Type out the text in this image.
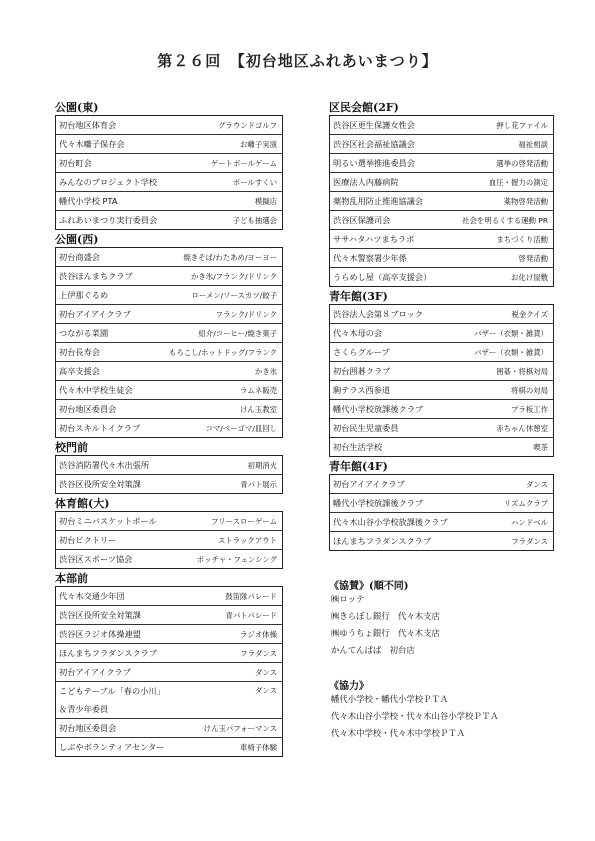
第２６回　【初台地区ふれあいまつり】
公園(東)
初台地区体育会	グラウンドゴルフ
代々木囃子保存会	お囃子実演
初台町会	ゲートボールゲーム
みんなのプロジェクト学校	ボールすくい
幡代小学校 PTA	模擬店
ふれあいまつり実行委員会	子ども抽選会
公園(西)
初台商盛会	焼きそば/わたあめ/ヨーヨー
渋谷ほんまちクラブ	かき氷/フランク/ドリンク
上伊那ぐるめ	ローメン/ソースカツ/餃子
初台アイアイクラブ	フランク/ドリンク
つながる菜園	紹介/コーヒー/焼き菓子
初台長寿会	もろこし/ホットドッグ/フランク
高卒支援会	かき氷
代々木中学校生徒会	ラムネ販売
初台地区委員会	けん玉教室
初台スキルトイクラブ	コマ/ベーゴマ/皿回し
校門前
渋谷消防署代々木出張所	初期消火
渋谷区役所安全対策課	青パト展示
体育館(大)
初台ミニバスケットボール	フリースローゲーム
初台ビクトリー	ストラックアウト
渋谷区スポーツ協会	ボッチャ・フェンシング
本部前
代々木交通少年団	鼓笛隊パレード
渋谷区役所安全対策課	青パトパレード
渋谷区ラジオ体操連盟	ラジオ体操
ほんまちフラダンスクラブ	フラダンス
初台アイアイクラブ	ダンス
こどもテーブル「春の小川」	ダンス
＆青少年委員
初台地区委員会	けん玉パフォーマンス
しぶやボランティアセンター	車椅子体験
区民会館(2F)
渋谷区更生保護女性会	押し花ファイル
渋谷区社会福祉協議会	福祉相談
明るい選挙推進委員会	選挙の啓発活動
医療法人内藤病院	血圧・握力の測定
薬物乱用防止推進協議会	薬物啓発活動
渋谷区保護司会	社会を明るくする運動 PR
ササハタハツまちラボ	まちづくり活動
代々木警察署少年係	啓発活動
うらめし屋（高卒支援会）	お化け屋敷
青年館(3F)
渋谷法人会第８ブロック	税金クイズ
代々木母の会	バザー（衣類・雑貨）
さくらグループ	バザー（衣類・雑貨）
初台囲碁クラブ	囲碁・将棋対局
駒テラス西参道	将棋の対局
幡代小学校放課後クラブ	プラ板工作
初台民生児童委員	赤ちゃん休憩室
初台生活学校	喫茶
青年館(4F)
初台アイアイクラブ	ダンス
幡代小学校放課後クラブ	リズムクラブ
代々木山谷小学校放課後クラブ	ハンドベル
ほんまちフラダンスクラブ	フラダンス
《協賛》(順不同)
㈱ロッテ
㈱きらぼし銀行　代々木支店
㈱ゆうちょ銀行　代々木支店
かんてんぱぱ　初台店
《協力》
幡代小学校・幡代小学校ＰＴＡ
代々木山谷小学校・代々木山谷小学校ＰＴＡ
代々木中学校・代々木中学校ＰＴＡ
